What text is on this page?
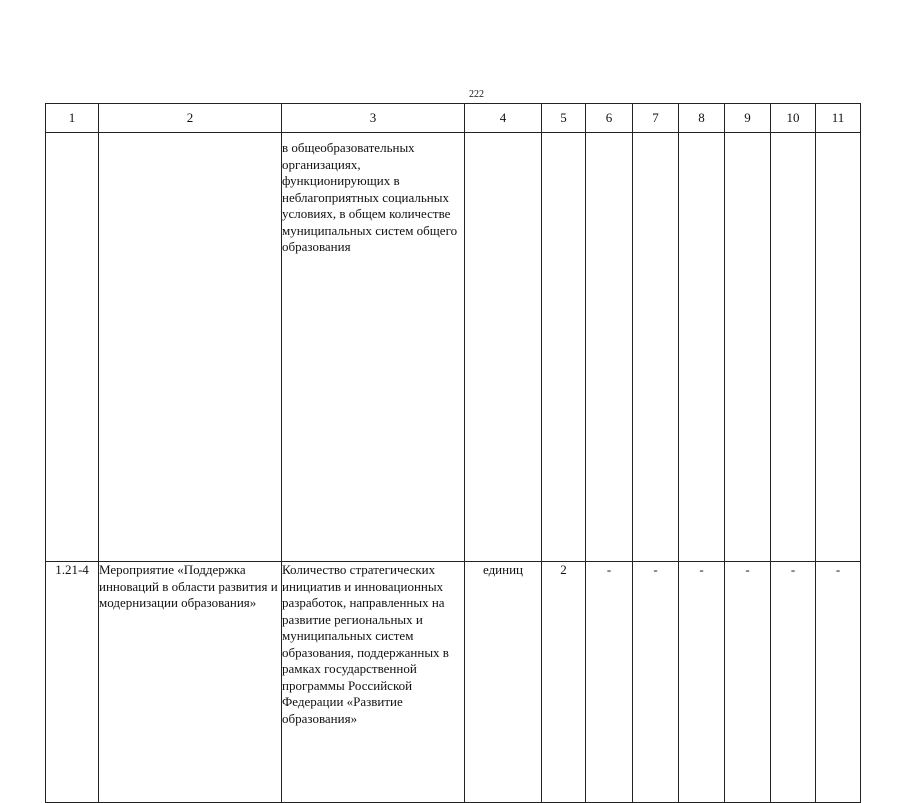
222
1	2	3	4	5	6	7	8	9	10	11
		в общеобразовательных организациях, функционирующих в неблагоприятных социальных условиях, в общем количестве муниципальных систем общего образования								
1.21-4	Мероприятие «Поддержка инноваций в области развития и модернизации образования»	Количество стратегических инициатив и инновационных разработок, направленных на развитие региональных и муниципальных систем образования, поддержанных в рамках государственной программы Российской Федерации «Развитие образования»	единиц	2	-	-	-	-	-	-
